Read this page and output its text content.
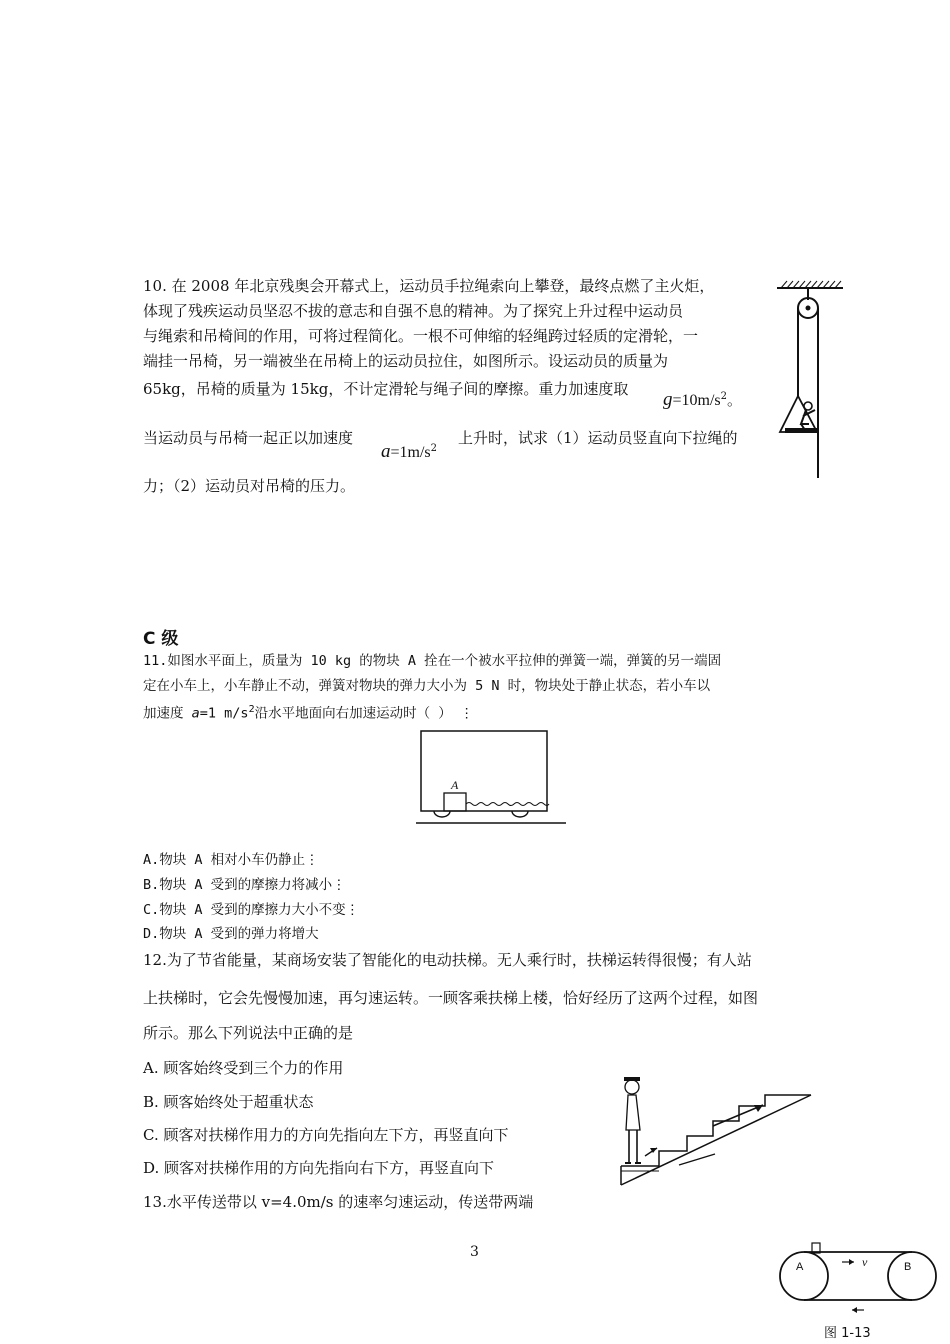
10. 在 2008 年北京残奥会开幕式上，运动员手拉绳索向上攀登，最终点燃了主火炬，
体现了残疾运动员坚忍不拔的意志和自强不息的精神。为了探究上升过程中运动员
与绳索和吊椅间的作用，可将过程简化。一根不可伸缩的轻绳跨过轻质的定滑轮，一
端挂一吊椅，另一端被坐在吊椅上的运动员拉住，如图所示。设运动员的质量为
65kg，吊椅的质量为 15kg，不计定滑轮与绳子间的摩擦。重力加速度取 $g=10m/s^2$。
当运动员与吊椅一起正以加速度
$a=1m/s^2$
上升时，试求（1）运动员竖直向下拉绳的
力；（2）运动员对吊椅的压力。
C 级
11.如图水平面上，质量为 10 kg 的物块 A 拴在一个被水平拉伸的弹簧一端，弹簧的另一端固
定在小车上，小车静止不动，弹簧对物块的弹力大小为 5 N 时，物块处于静止状态，若小车以
加速度 a=1 $m/s^2$沿水平地面向右加速运动时（ ） ⋮
A
A.物块 A 相对小车仍静止⋮
B.物块 A 受到的摩擦力将减小⋮
C.物块 A 受到的摩擦力大小不变⋮
D.物块 A 受到的弹力将增大
12.为了节省能量，某商场安装了智能化的电动扶梯。无人乘行时，扶梯运转得很慢；有人站
上扶梯时，它会先慢慢加速，再匀速运转。一顾客乘扶梯上楼，恰好经历了这两个过程，如图
所示。那么下列说法中正确的是
A. 顾客始终受到三个力的作用
B. 顾客始终处于超重状态
C. 顾客对扶梯作用力的方向先指向左下方，再竖直向下
D. 顾客对扶梯作用的方向先指向右下方，再竖直向下
13.水平传送带以 v=4.0m/s 的速率匀速运动，传送带两端
A	B
v
图 1-13
3
